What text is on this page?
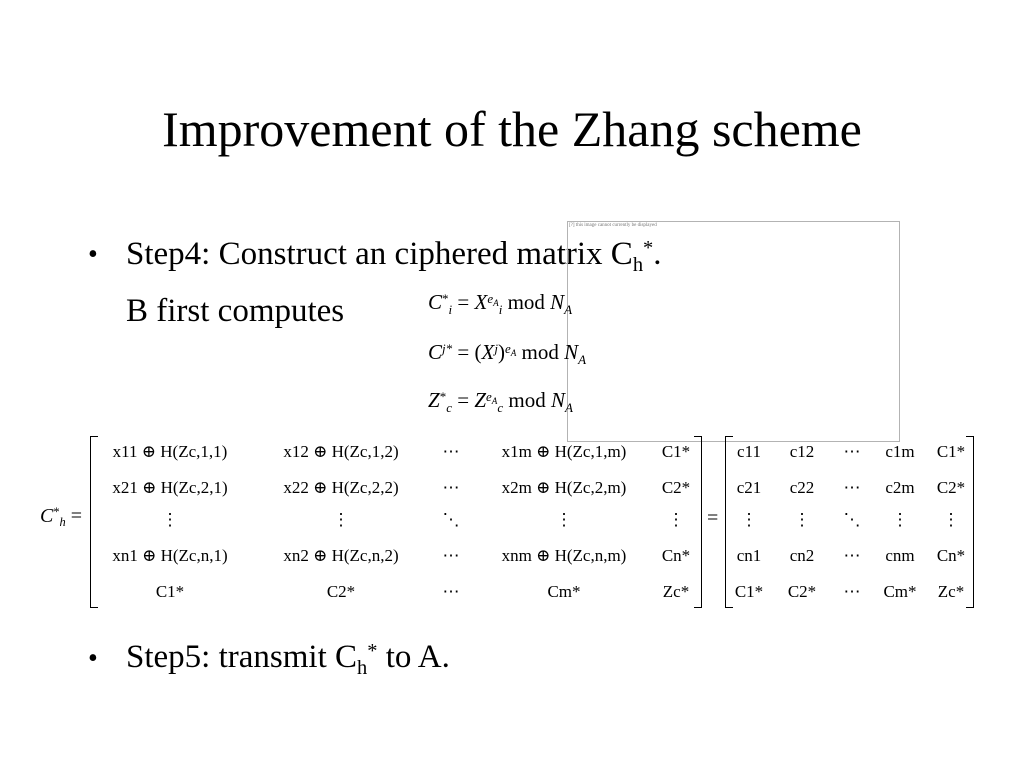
Improvement of the Zhang scheme
• Step4: Construct an ciphered matrix $C_h^*$.
B first computes
[?] this image cannot currently be displayed
$C^*_i = X^{e_A}_i$ mod $N_A$
$C^{j*} = (X^j)^{e_A}$ mod $N_A$
$Z^*_c = Z^{e_A}_c$ mod $N_A$
$C^*_h$ =
x11 ⊕ H(Zc,1,1)	x12 ⊕ H(Zc,1,2)	⋯	x1m ⊕ H(Zc,1,m)	C1*
x21 ⊕ H(Zc,2,1)	x22 ⊕ H(Zc,2,2)	⋯	x2m ⊕ H(Zc,2,m)	C2*
⋮	⋮	⋱	⋮	⋮
xn1 ⊕ H(Zc,n,1)	xn2 ⊕ H(Zc,n,2)	⋯	xnm ⊕ H(Zc,n,m)	Cn*
C1*	C2*	⋯	Cm*	Zc*
=
c11	c12	⋯	c1m	C1*
c21	c22	⋯	c2m	C2*
⋮	⋮	⋱	⋮	⋮
cn1	cn2	⋯	cnm	Cn*
C1*	C2*	⋯	Cm*	Zc*
• Step5: transmit $C_h^*$ to A.
